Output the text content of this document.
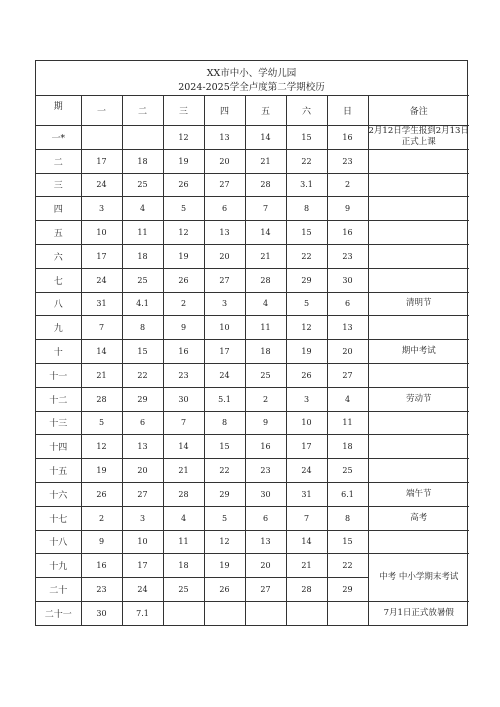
XX市中小、学幼儿园
2024-2025学全卢度第二学期校历
期	一	二	三	四	五	六	日	备注
一*			12	13	14	15	16	2月12日学生报到2月13日正式上课
二	17	18	19	20	21	22	23	
三	24	25	26	27	28	3.1	2	
四	3	4	5	6	7	8	9	
五	10	11	12	13	14	15	16	
六	17	18	19	20	21	22	23	
七	24	25	26	27	28	29	30	
八	31	4.1	2	3	4	5	6	清明节
九	7	8	9	10	11	12	13	
十	14	15	16	17	18	19	20	期中考试
十一	21	22	23	24	25	26	27	
十二	28	29	30	5.1	2	3	4	劳动节
十三	5	6	7	8	9	10	11	
十四	12	13	14	15	16	17	18	
十五	19	20	21	22	23	24	25	
十六	26	27	28	29	30	31	6.1	端午节
十七	2	3	4	5	6	7	8	高考
十八	9	10	11	12	13	14	15	
十九	16	17	18	19	20	21	22	中考 中小学期末考试
二十	23	24	25	26	27	28	29	
二十一	30	7.1						7月1日正式放暑假
